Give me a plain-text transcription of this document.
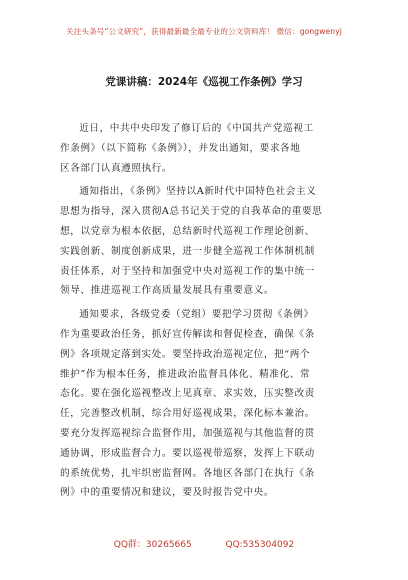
关注头条号“公文研究”，获得最新最全最专业的公文资料库！ 微信：gongwenyj
党课讲稿：2024年《巡视工作条例》学习
近日，中共中央印发了修订后的《中国共产党巡视工
作条例》（以下简称《条例》），并发出通知，要求各地
区各部门认真遵照执行。
通知指出，《条例》坚持以A新时代中国特色社会主义
思想为指导，深入贯彻A总书记关于党的自我革命的重要思
想，以党章为根本依据，总结新时代巡视工作理论创新、
实践创新、制度创新成果，进一步健全巡视工作体制机制
责任体系，对于坚持和加强党中央对巡视工作的集中统一
领导、推进巡视工作高质量发展具有重要意义。
通知要求，各级党委（党组）要把学习贯彻《条例》
作为重要政治任务，抓好宣传解读和督促检查，确保《条
例》各项规定落到实处。要坚持政治巡视定位，把“两个
维护”作为根本任务，推进政治监督具体化、精准化、常
态化。要在强化巡视整改上见真章、求实效，压实整改责
任，完善整改机制，综合用好巡视成果，深化标本兼治。
要充分发挥巡视综合监督作用，加强巡视与其他监督的贯
通协调，形成监督合力。要以巡视带巡察，发挥上下联动
的系统优势，扎牢织密监督网。各地区各部门在执行《条
例》中的重要情况和建议，要及时报告党中央。
QQ群：30265665	QQ:535304092
